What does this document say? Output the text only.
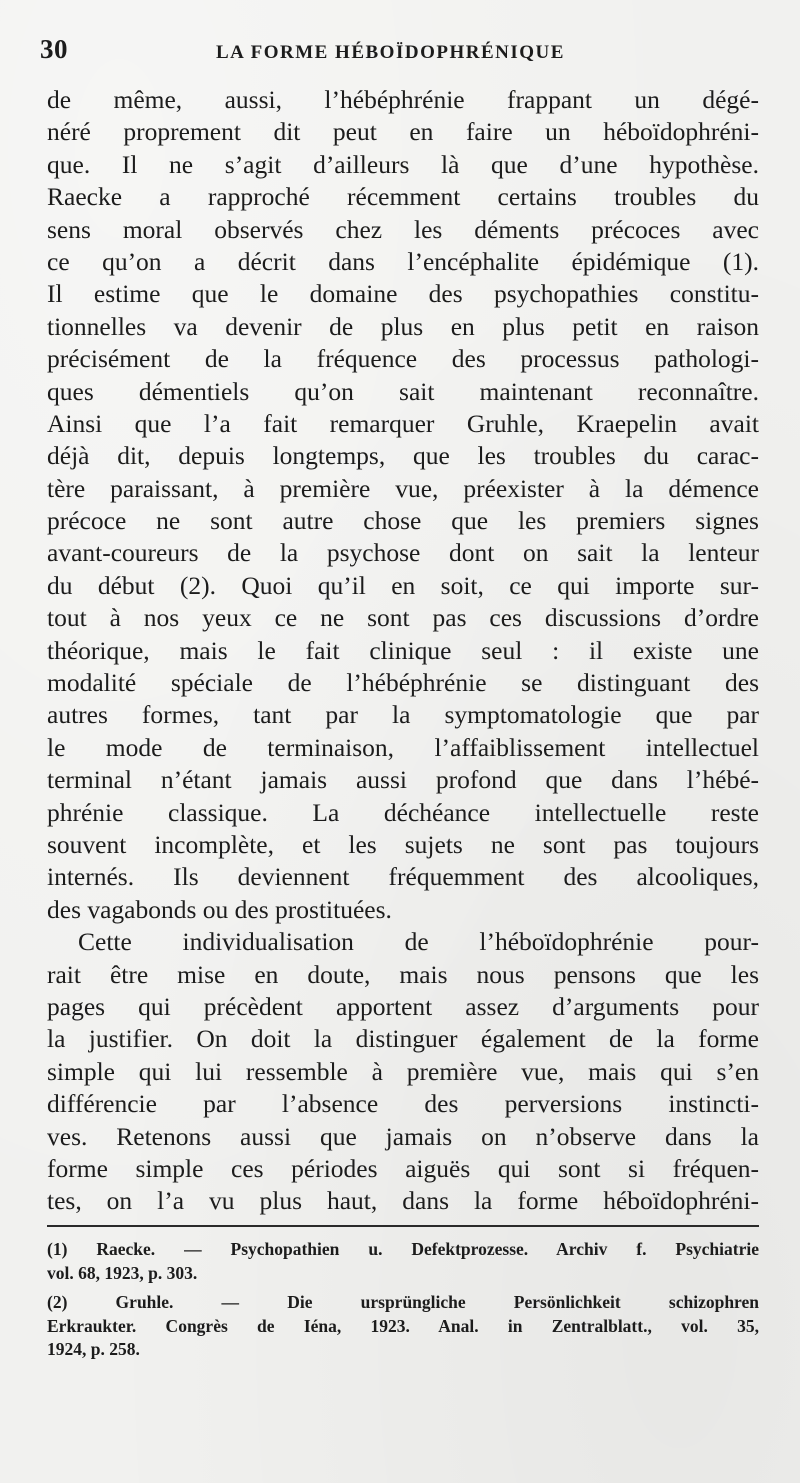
30	LA FORME HÉBOÏDOPHRÉNIQUE
de même, aussi, l’hébéphrénie frappant un dégé-
néré proprement dit peut en faire un héboïdophréni-
que. Il ne s’agit d’ailleurs là que d’une hypothèse.
Raecke a rapproché récemment certains troubles du
sens moral observés chez les déments précoces avec
ce qu’on a décrit dans l’encéphalite épidémique (1).
Il estime que le domaine des psychopathies constitu-
tionnelles va devenir de plus en plus petit en raison
précisément de la fréquence des processus pathologi-
ques démentiels qu’on sait maintenant reconnaître.
Ainsi que l’a fait remarquer Gruhle, Kraepelin avait
déjà dit, depuis longtemps, que les troubles du carac-
tère paraissant, à première vue, préexister à la démence
précoce ne sont autre chose que les premiers signes
avant-coureurs de la psychose dont on sait la lenteur
du début (2). Quoi qu’il en soit, ce qui importe sur-
tout à nos yeux ce ne sont pas ces discussions d’ordre
théorique, mais le fait clinique seul : il existe une
modalité spéciale de l’hébéphrénie se distinguant des
autres formes, tant par la symptomatologie que par
le mode de terminaison, l’affaiblissement intellectuel
terminal n’étant jamais aussi profond que dans l’hébé-
phrénie classique. La déchéance intellectuelle reste
souvent incomplète, et les sujets ne sont pas toujours
internés. Ils deviennent fréquemment des alcooliques,
des vagabonds ou des prostituées.
Cette individualisation de l’héboïdophrénie pour-
rait être mise en doute, mais nous pensons que les
pages qui précèdent apportent assez d’arguments pour
la justifier. On doit la distinguer également de la forme
simple qui lui ressemble à première vue, mais qui s’en
différencie par l’absence des perversions instincti-
ves. Retenons aussi que jamais on n’observe dans la
forme simple ces périodes aiguës qui sont si fréquen-
tes, on l’a vu plus haut, dans la forme héboïdophréni-
(1) Raecke. — Psychopathien u. Defektprozesse. Archiv f. Psychiatrie
vol. 68, 1923, p. 303.
(2) Gruhle. — Die ursprüngliche Persönlichkeit schizophren
Erkraukter. Congrès de Iéna, 1923. Anal. in Zentralblatt., vol. 35,
1924, p. 258.
